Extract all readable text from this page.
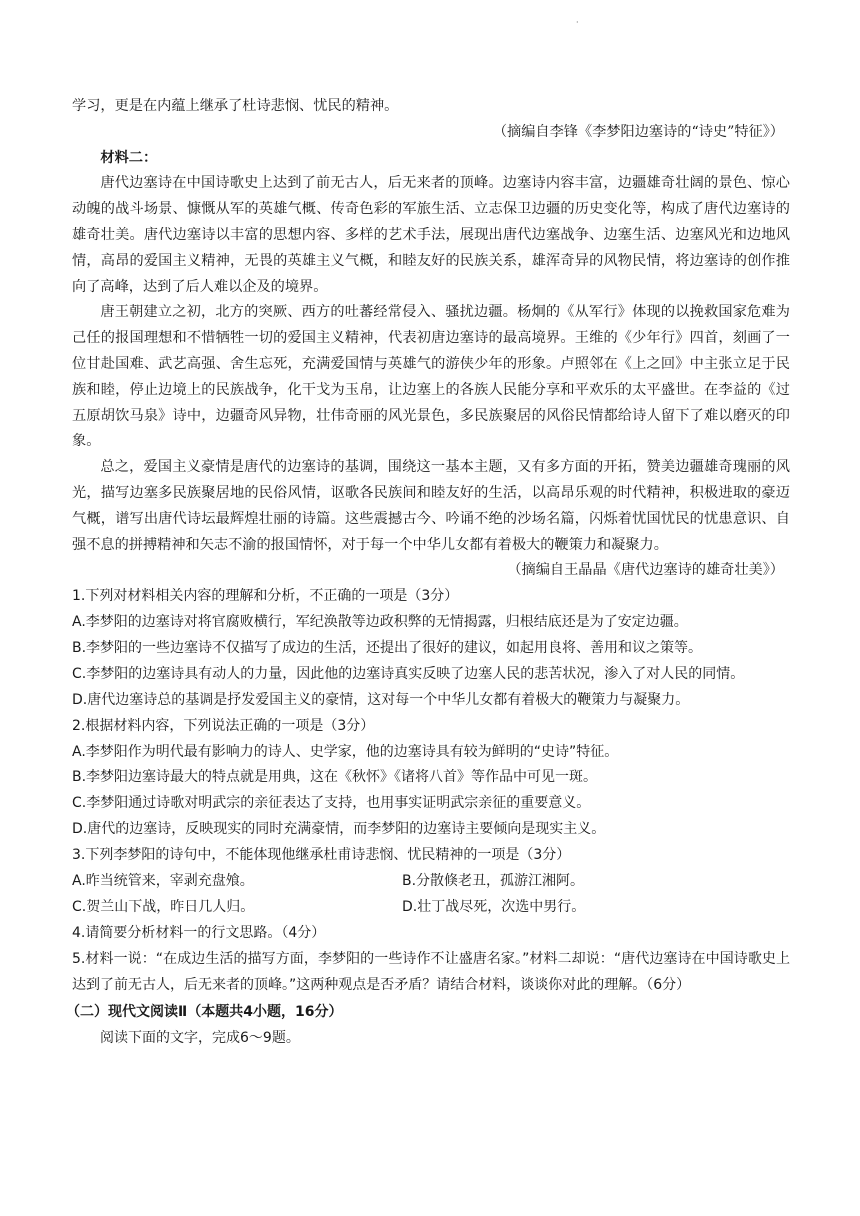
·

学习，更是在内蕴上继承了杜诗悲悯、忧民的精神。

（摘编自李锋《李梦阳边塞诗的“诗史”特征》）

材料二：

唐代边塞诗在中国诗歌史上达到了前无古人，后无来者的顶峰。边塞诗内容丰富，边疆雄奇壮阔的景色、惊心动魄的战斗场景、慷慨从军的英雄气概、传奇色彩的军旅生活、立志保卫边疆的历史变化等，构成了唐代边塞诗的雄奇壮美。唐代边塞诗以丰富的思想内容、多样的艺术手法，展现出唐代边塞战争、边塞生活、边塞风光和边地风情，高昂的爱国主义精神，无畏的英雄主义气概，和睦友好的民族关系，雄浑奇异的风物民情，将边塞诗的创作推向了高峰，达到了后人难以企及的境界。

唐王朝建立之初，北方的突厥、西方的吐蕃经常侵入、骚扰边疆。杨炯的《从军行》体现的以挽救国家危难为己任的报国理想和不惜牺牲一切的爱国主义精神，代表初唐边塞诗的最高境界。王维的《少年行》四首，刻画了一位甘赴国难、武艺高强、舍生忘死，充满爱国情与英雄气的游侠少年的形象。卢照邻在《上之回》中主张立足于民族和睦，停止边境上的民族战争，化干戈为玉帛，让边塞上的各族人民能分享和平欢乐的太平盛世。在李益的《过五原胡饮马泉》诗中，边疆奇风异物，壮伟奇丽的风光景色，多民族聚居的风俗民情都给诗人留下了难以磨灭的印象。

总之，爱国主义豪情是唐代的边塞诗的基调，围绕这一基本主题，又有多方面的开拓，赞美边疆雄奇瑰丽的风光，描写边塞多民族聚居地的民俗风情，讴歌各民族间和睦友好的生活，以高昂乐观的时代精神，积极进取的豪迈气概，谱写出唐代诗坛最辉煌壮丽的诗篇。这些震撼古今、吟诵不绝的沙场名篇，闪烁着忧国忧民的忧患意识、自强不息的拼搏精神和矢志不渝的报国情怀，对于每一个中华儿女都有着极大的鞭策力和凝聚力。

（摘编自王晶晶《唐代边塞诗的雄奇壮美》）

1.下列对材料相关内容的理解和分析，不正确的一项是（3分）

A.李梦阳的边塞诗对将官腐败横行，军纪涣散等边政积弊的无情揭露，归根结底还是为了安定边疆。

B.李梦阳的一些边塞诗不仅描写了成边的生活，还提出了很好的建议，如起用良将、善用和议之策等。

C.李梦阳的边塞诗具有动人的力量，因此他的边塞诗真实反映了边塞人民的悲苦状况，渗入了对人民的同情。

D.唐代边塞诗总的基调是抒发爱国主义的豪情，这对每一个中华儿女都有着极大的鞭策力与凝聚力。

2.根据材料内容，下列说法正确的一项是（3分）

A.李梦阳作为明代最有影响力的诗人、史学家，他的边塞诗具有较为鲜明的“史诗”特征。

B.李梦阳边塞诗最大的特点就是用典，这在《秋怀》《诸将八首》等作品中可见一斑。

C.李梦阳通过诗歌对明武宗的亲征表达了支持，也用事实证明武宗亲征的重要意义。

D.唐代的边塞诗，反映现实的同时充满豪情，而李梦阳的边塞诗主要倾向是现实主义。

3.下列李梦阳的诗句中，不能体现他继承杜甫诗悲悯、忧民精神的一项是（3分）

A.昨当统管来，宰剥充盘飧。	B.分散倏老丑，孤游江湘阿。
C.贺兰山下战，昨日几人归。	D.壮丁战尽死，次选中男行。

4.请简要分析材料一的行文思路。（4分）

5.材料一说：“在成边生活的描写方面，李梦阳的一些诗作不让盛唐名家。”材料二却说：“唐代边塞诗在中国诗歌史上达到了前无古人，后无来者的顶峰。”这两种观点是否矛盾？请结合材料，谈谈你对此的理解。（6分）

（二）现代文阅读Ⅱ（本题共4小题，16分）

阅读下面的文字，完成6～9题。
